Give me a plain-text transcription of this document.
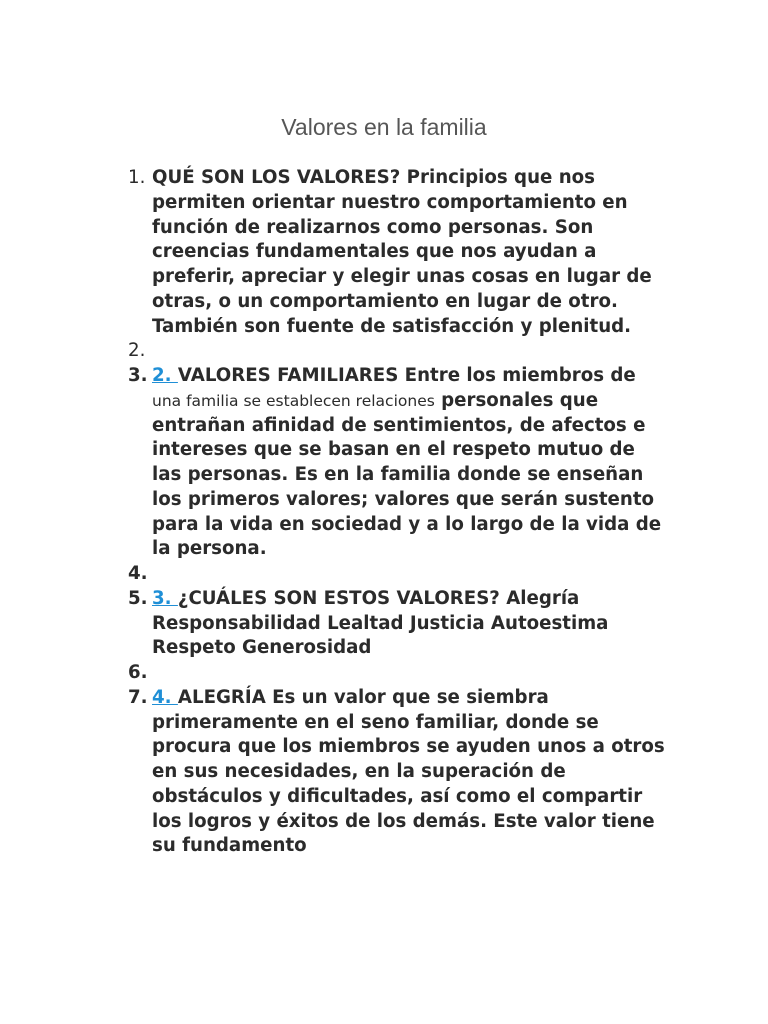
Valores en la familia
1. QUÉ SON LOS VALORES? Principios que nos permiten orientar nuestro comportamiento en función de realizarnos como personas. Son creencias fundamentales que nos ayudan a preferir, apreciar y elegir unas cosas en lugar de otras, o un comportamiento en lugar de otro. También son fuente de satisfacción y plenitud.
2.

3. 2. VALORES FAMILIARES Entre los miembros de una familia se establecen relaciones personales que entrañan afinidad de sentimientos, de afectos e intereses que se basan en el respeto mutuo de las personas. Es en la familia donde se enseñan los primeros valores; valores que serán sustento para la vida en sociedad y a lo largo de la vida de la persona.
4.

5. 3. ¿CUÁLES SON ESTOS VALORES? Alegría Responsabilidad Lealtad Justicia Autoestima Respeto Generosidad
6.

7. 4. ALEGRÍA Es un valor que se siembra primeramente en el seno familiar, donde se procura que los miembros se ayuden unos a otros en sus necesidades, en la superación de obstáculos y dificultades, así como el compartir los logros y éxitos de los demás. Este valor tiene su fundamento
